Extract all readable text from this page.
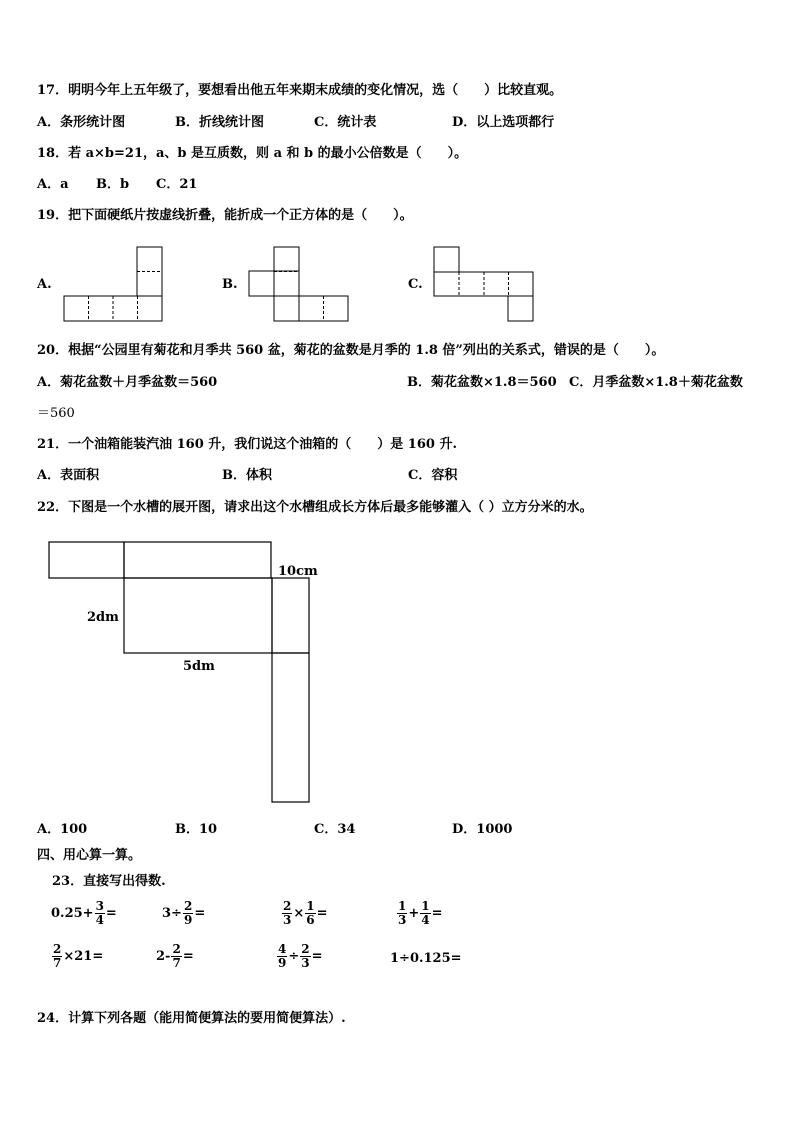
17．明明今年上五年级了，要想看出他五年来期末成绩的变化情况，选（　　）比较直观。
A．条形统计图	B．折线统计图	C．统计表	D．以上选项都行
18．若 a×b=21，a、b 是互质数，则 a 和 b 的最小公倍数是（　　）。
A．a B．b C．21
19．把下面硬纸片按虚线折叠，能折成一个正方体的是（　　）。
A.	B.	C.
20．根据“公园里有菊花和月季共 560 盆，菊花的盆数是月季的 1.8 倍”列出的关系式，错误的是（　　）。
A．菊花盆数＋月季盆数＝560	B．菊花盆数×1.8＝560 C．月季盆数×1.8＋菊花盆数
＝560
21．一个油箱能装汽油 160 升，我们说这个油箱的（　　）是 160 升.
A．表面积	B．体积	C．容积
22．下图是一个水槽的展开图，请求出这个水槽组成长方体后最多能够灌入（ ）立方分米的水。
10cm
2dm
5dm
A．100	B．10	C．34	D．1000
四、用心算一算。
23．直接写出得数.
$0.25+ \frac{3}{4}$ =	$3\div \frac{2}{9}$ =	$\frac{2}{3} \times \frac{1}{6}$ =	$\frac{1}{3} + \frac{1}{4}$ =
$\frac{2}{7} \times 21=$	$2- \frac{2}{7}$ =	$\frac{4}{9} \div \frac{2}{3}$ =	1÷0.125=
24．计算下列各题（能用简便算法的要用简便算法）.
